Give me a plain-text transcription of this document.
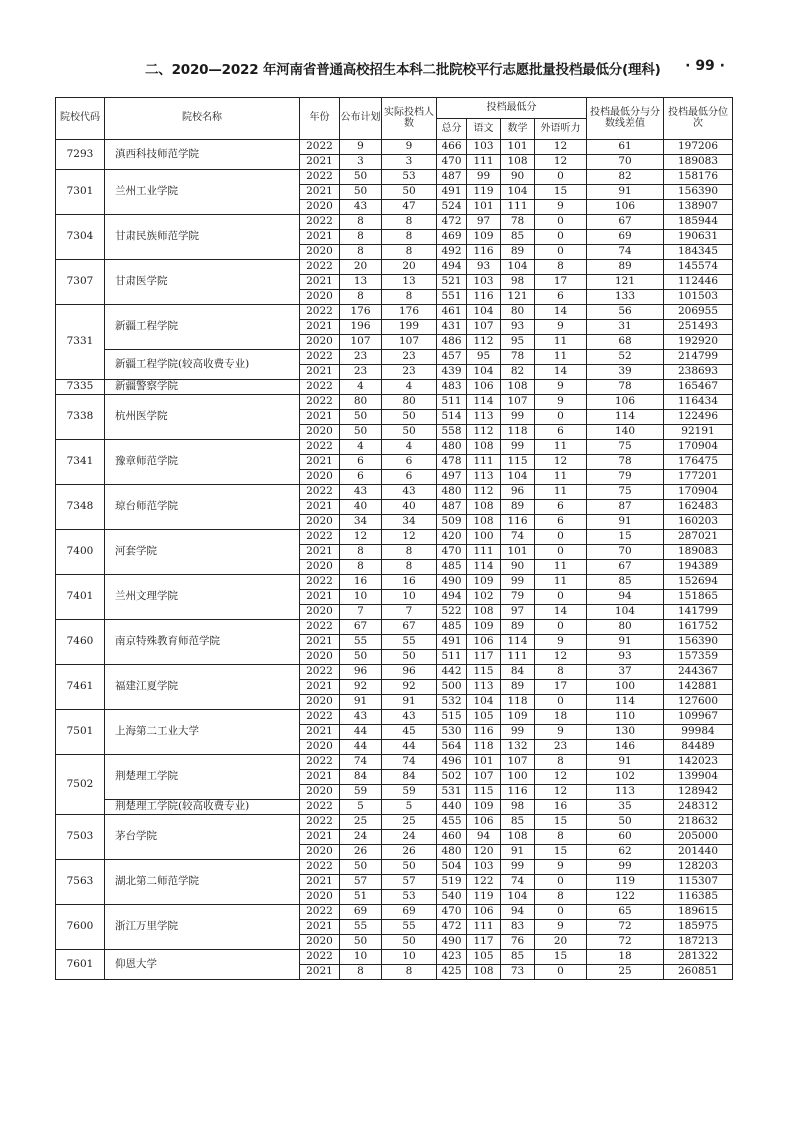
二、2020—2022 年河南省普通高校招生本科二批院校平行志愿批量投档最低分(理科) · 99 ·
院校代码	院校名称	年份	公布计划	实际投档人数	投档最低分				投档最低分与分数线差值	投档最低分位次
					总分	语文	数学	外语听力		
7293	滇西科技师范学院	2022	9	9	466	103	101	12	61	197206
		2021	3	3	470	111	108	12	70	189083
7301	兰州工业学院	2022	50	53	487	99	90	0	82	158176
		2021	50	50	491	119	104	15	91	156390
		2020	43	47	524	101	111	9	106	138907
7304	甘肃民族师范学院	2022	8	8	472	97	78	0	67	185944
		2021	8	8	469	109	85	0	69	190631
		2020	8	8	492	116	89	0	74	184345
7307	甘肃医学院	2022	20	20	494	93	104	8	89	145574
		2021	13	13	521	103	98	17	121	112446
		2020	8	8	551	116	121	6	133	101503
7331	新疆工程学院	2022	176	176	461	104	80	14	56	206955
		2021	196	199	431	107	93	9	31	251493
		2020	107	107	486	112	95	11	68	192920
	新疆工程学院(较高收费专业)	2022	23	23	457	95	78	11	52	214799
		2021	23	23	439	104	82	14	39	238693
7335	新疆警察学院	2022	4	4	483	106	108	9	78	165467
7338	杭州医学院	2022	80	80	511	114	107	9	106	116434
		2021	50	50	514	113	99	0	114	122496
		2020	50	50	558	112	118	6	140	92191
7341	豫章师范学院	2022	4	4	480	108	99	11	75	170904
		2021	6	6	478	111	115	12	78	176475
		2020	6	6	497	113	104	11	79	177201
7348	琼台师范学院	2022	43	43	480	112	96	11	75	170904
		2021	40	40	487	108	89	6	87	162483
		2020	34	34	509	108	116	6	91	160203
7400	河套学院	2022	12	12	420	100	74	0	15	287021
		2021	8	8	470	111	101	0	70	189083
		2020	8	8	485	114	90	11	67	194389
7401	兰州文理学院	2022	16	16	490	109	99	11	85	152694
		2021	10	10	494	102	79	0	94	151865
		2020	7	7	522	108	97	14	104	141799
7460	南京特殊教育师范学院	2022	67	67	485	109	89	0	80	161752
		2021	55	55	491	106	114	9	91	156390
		2020	50	50	511	117	111	12	93	157359
7461	福建江夏学院	2022	96	96	442	115	84	8	37	244367
		2021	92	92	500	113	89	17	100	142881
		2020	91	91	532	104	118	0	114	127600
7501	上海第二工业大学	2022	43	43	515	105	109	18	110	109967
		2021	44	45	530	116	99	9	130	99984
		2020	44	44	564	118	132	23	146	84489
7502	荆楚理工学院	2022	74	74	496	101	107	8	91	142023
		2021	84	84	502	107	100	12	102	139904
		2020	59	59	531	115	116	12	113	128942
	荆楚理工学院(较高收费专业)	2022	5	5	440	109	98	16	35	248312
7503	茅台学院	2022	25	25	455	106	85	15	50	218632
		2021	24	24	460	94	108	8	60	205000
		2020	26	26	480	120	91	15	62	201440
7563	湖北第二师范学院	2022	50	50	504	103	99	9	99	128203
		2021	57	57	519	122	74	0	119	115307
		2020	51	53	540	119	104	8	122	116385
7600	浙江万里学院	2022	69	69	470	106	94	0	65	189615
		2021	55	55	472	111	83	9	72	185975
		2020	50	50	490	117	76	20	72	187213
7601	仰恩大学	2022	10	10	423	105	85	15	18	281322
		2021	8	8	425	108	73	0	25	260851
